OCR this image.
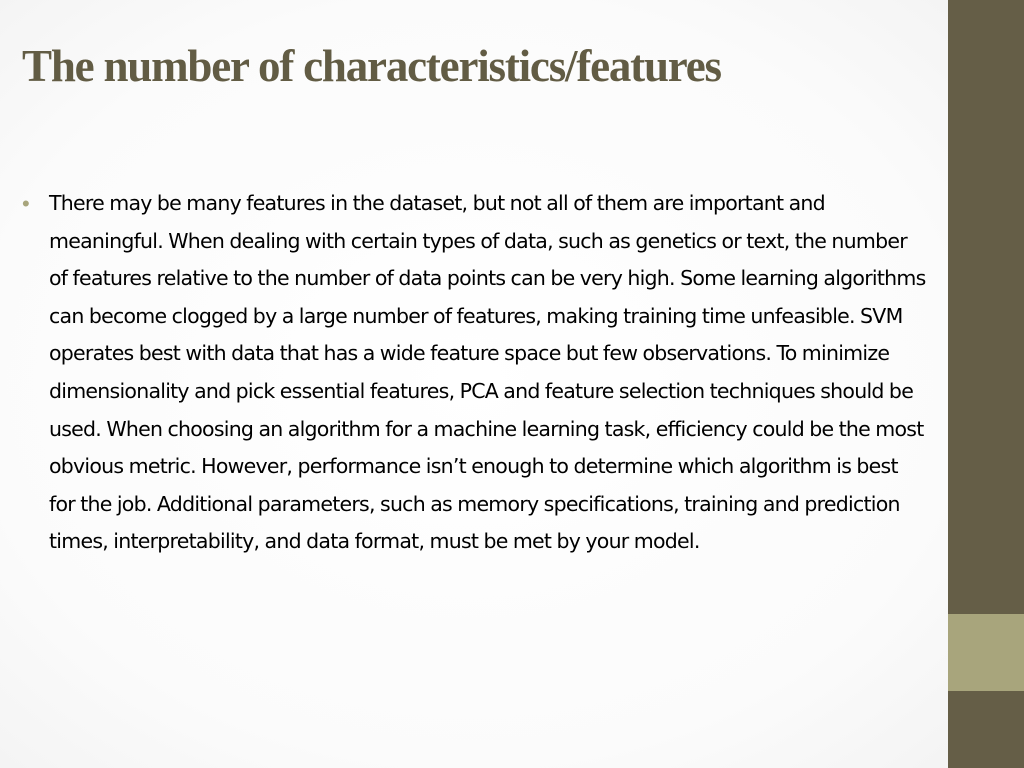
The number of characteristics/features
• There may be many features in the dataset, but not all of them are important and meaningful. When dealing with certain types of data, such as genetics or text, the number of features relative to the number of data points can be very high. Some learning algorithms can become clogged by a large number of features, making training time unfeasible. SVM operates best with data that has a wide feature space but few observations. To minimize dimensionality and pick essential features, PCA and feature selection techniques should be used. When choosing an algorithm for a machine learning task, efficiency could be the most obvious metric. However, performance isn’t enough to determine which algorithm is best for the job. Additional parameters, such as memory specifications, training and prediction times, interpretability, and data format, must be met by your model.
